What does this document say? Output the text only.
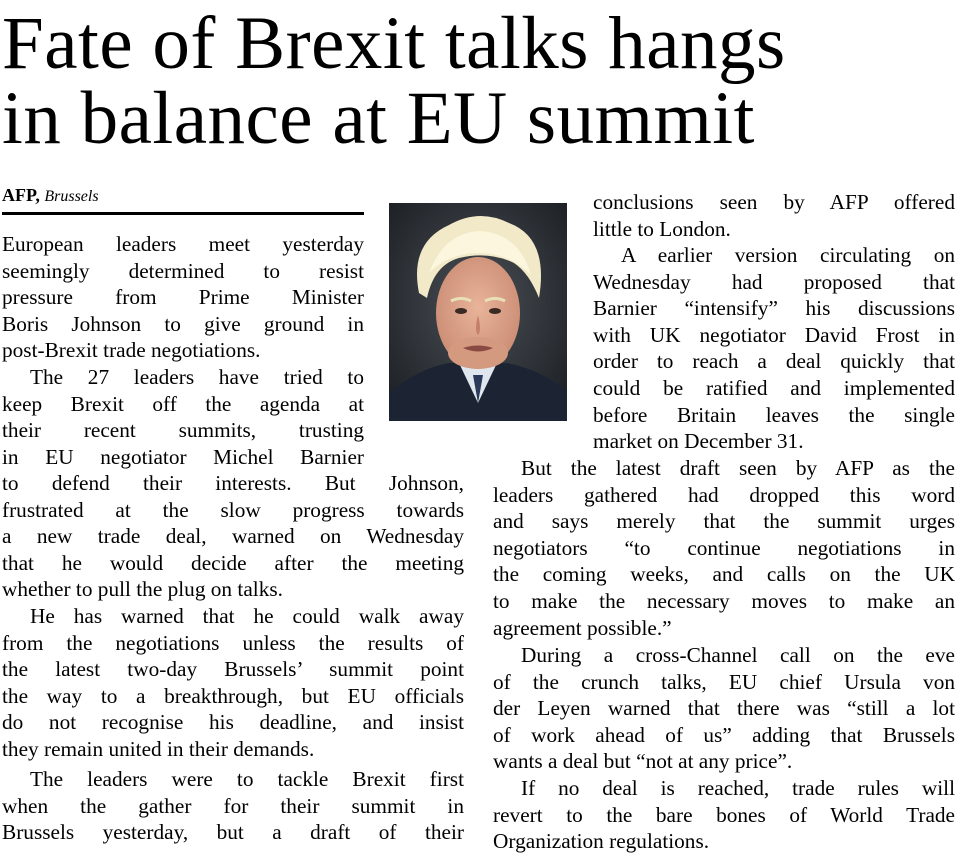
Fate of Brexit talks hangs
in balance at EU summit
AFP, Brussels

European leaders meet yesterday
seemingly determined to resist
pressure from Prime Minister
Boris Johnson to give ground in
post-Brexit trade negotiations.

The 27 leaders have tried to
keep Brexit off the agenda at
their recent summits, trusting
in EU negotiator Michel Barnier

to defend their interests. But Johnson,
frustrated at the slow progress towards
a new trade deal, warned on Wednesday
that he would decide after the meeting
whether to pull the plug on talks.

He has warned that he could walk away
from the negotiations unless the results of
the latest two-day Brussels’ summit point
the way to a breakthrough, but EU officials
do not recognise his deadline, and insist
they remain united in their demands.

The leaders were to tackle Brexit first
when the gather for their summit in
Brussels yesterday, but a draft of their

conclusions seen by AFP offered
little to London.

A earlier version circulating on
Wednesday had proposed that
Barnier “intensify” his discussions
with UK negotiator David Frost in
order to reach a deal quickly that
could be ratified and implemented
before Britain leaves the single
market on December 31.

But the latest draft seen by AFP as the
leaders gathered had dropped this word
and says merely that the summit urges
negotiators “to continue negotiations in
the coming weeks, and calls on the UK
to make the necessary moves to make an
agreement possible.”

During a cross-Channel call on the eve
of the crunch talks, EU chief Ursula von
der Leyen warned that there was “still a lot
of work ahead of us” adding that Brussels
wants a deal but “not at any price”.

If no deal is reached, trade rules will
revert to the bare bones of World Trade
Organization regulations.
